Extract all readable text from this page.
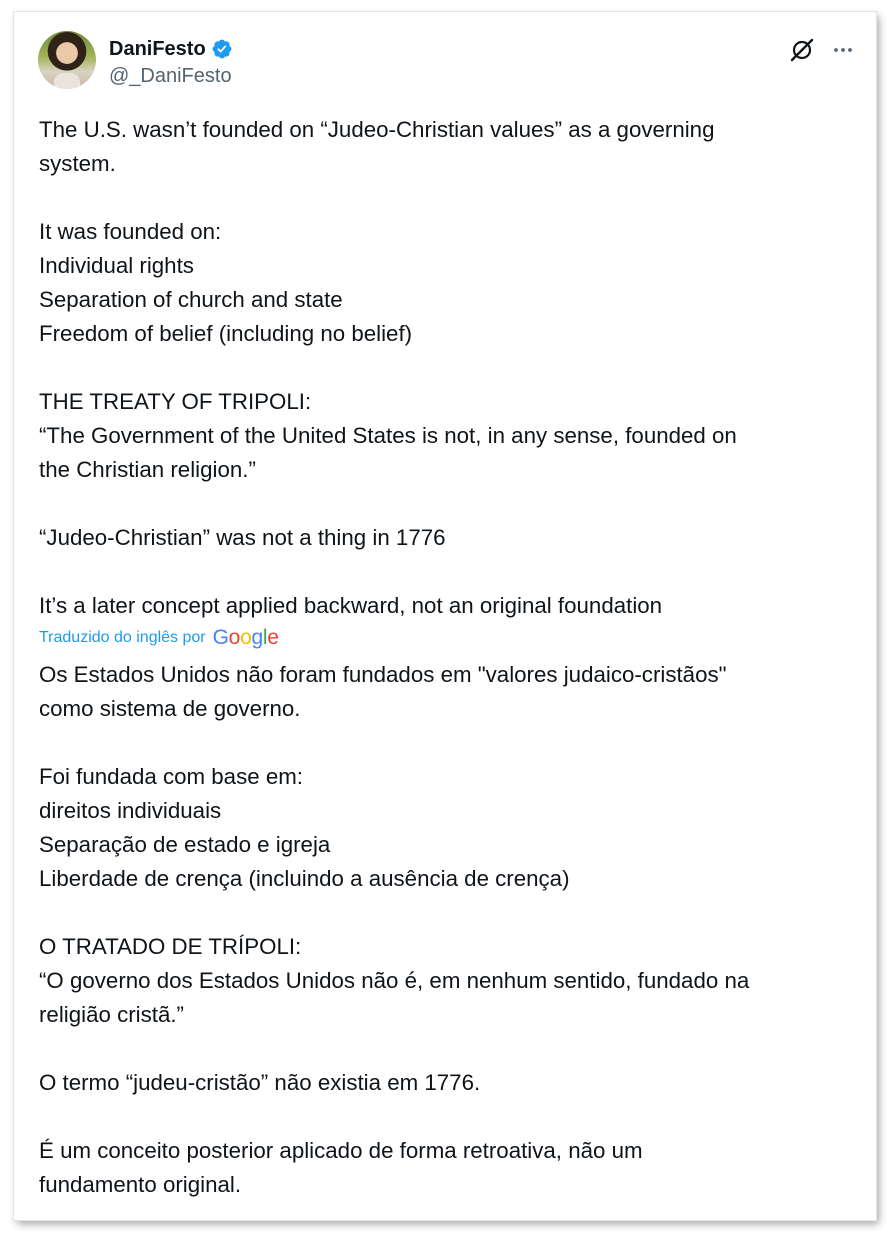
DaniFesto
@_DaniFesto

The U.S. wasn’t founded on “Judeo-Christian values” as a governing
system.

It was founded on:
Individual rights
Separation of church and state
Freedom of belief (including no belief)

THE TREATY OF TRIPOLI:
“The Government of the United States is not, in any sense, founded on
the Christian religion.”

“Judeo-Christian” was not a thing in 1776

It’s a later concept applied backward, not an original foundation

Traduzido do inglês por Google

Os Estados Unidos não foram fundados em "valores judaico-cristãos"
como sistema de governo.

Foi fundada com base em:
direitos individuais
Separação de estado e igreja
Liberdade de crença (incluindo a ausência de crença)

O TRATADO DE TRÍPOLI:
“O governo dos Estados Unidos não é, em nenhum sentido, fundado na
religião cristã.”

O termo “judeu-cristão” não existia em 1776.

É um conceito posterior aplicado de forma retroativa, não um
fundamento original.
